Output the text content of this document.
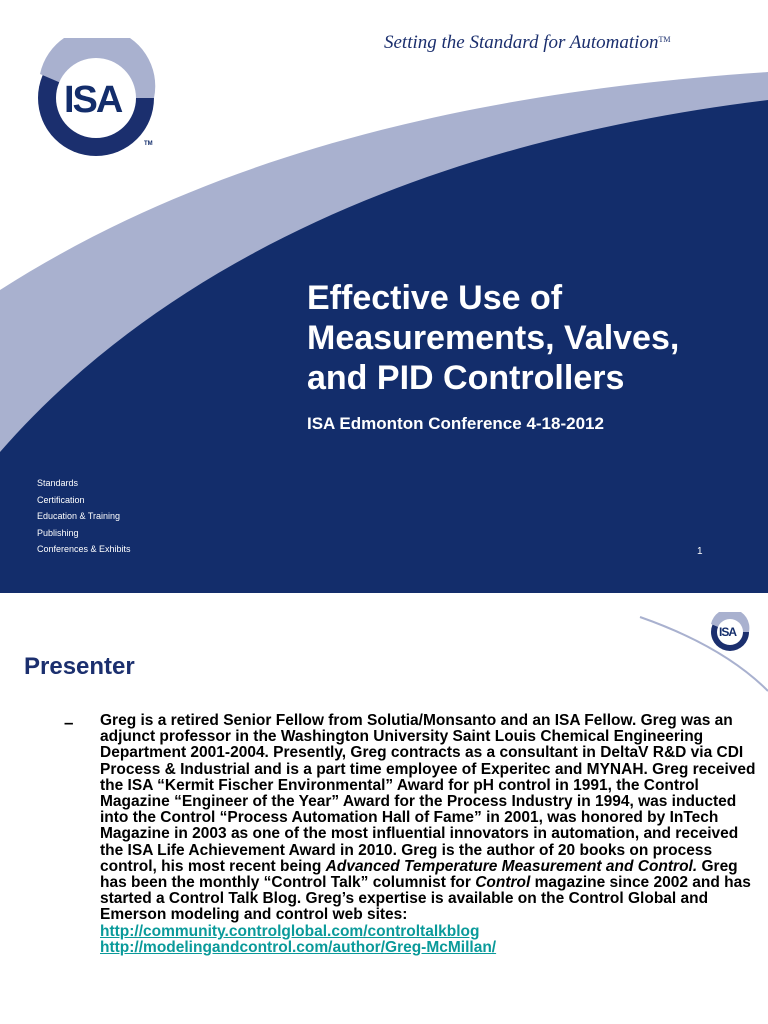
ISA
TM
Setting the Standard for Automation™
Effective Use of
Measurements, Valves,
and PID Controllers
ISA Edmonton Conference 4-18-2012
Standards
Certification
Education & Training
Publishing
Conferences & Exhibits	1
ISA
Presenter
– Greg is a retired Senior Fellow from Solutia/Monsanto and an ISA Fellow. Greg was an adjunct professor in the Washington University Saint Louis Chemical Engineering Department 2001-2004. Presently, Greg contracts as a consultant in DeltaV R&D via CDI Process & Industrial and is a part time employee of Experitec and MYNAH. Greg received the ISA “Kermit Fischer Environmental” Award for pH control in 1991, the Control Magazine “Engineer of the Year” Award for the Process Industry in 1994, was inducted into the Control “Process Automation Hall of Fame” in 2001, was honored by InTech Magazine in 2003 as one of the most influential innovators in automation, and received the ISA Life Achievement Award in 2010. Greg is the author of 20 books on process control, his most recent being Advanced Temperature Measurement and Control. Greg has been the monthly “Control Talk” columnist for Control magazine since 2002 and has started a Control Talk Blog. Greg’s expertise is available on the Control Global and Emerson modeling and control web sites:
http://community.controlglobal.com/controltalkblog
http://modelingandcontrol.com/author/Greg-McMillan/
